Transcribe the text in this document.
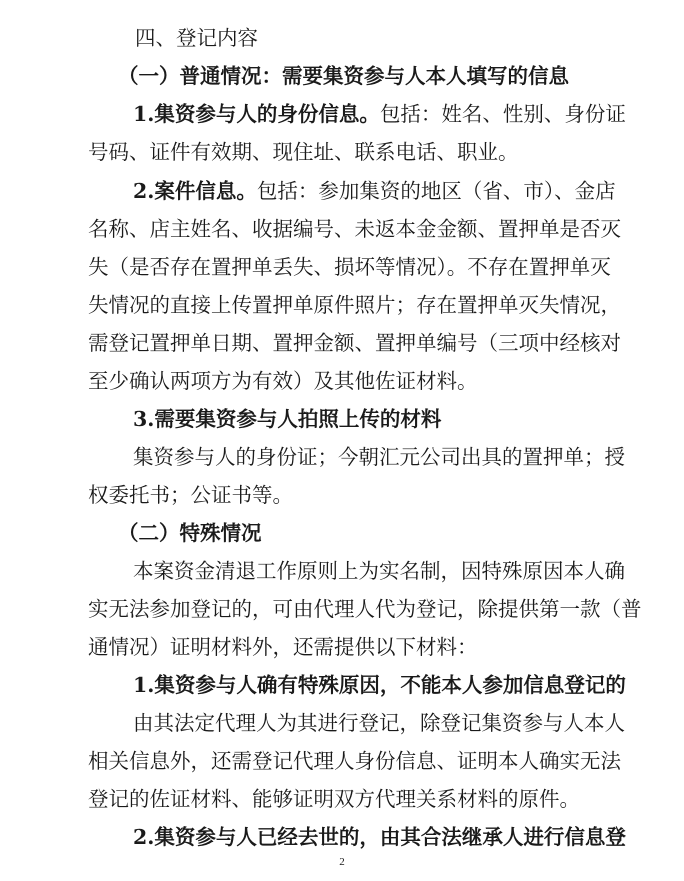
四、登记内容
（一）普通情况：需要集资参与人本人填写的信息
1.集资参与人的身份信息。包括：姓名、性别、身份证
号码、证件有效期、现住址、联系电话、职业。
2.案件信息。包括：参加集资的地区（省、市）、金店
名称、店主姓名、收据编号、未返本金金额、置押单是否灭
失（是否存在置押单丢失、损坏等情况）。不存在置押单灭
失情况的直接上传置押单原件照片；存在置押单灭失情况，
需登记置押单日期、置押金额、置押单编号（三项中经核对
至少确认两项方为有效）及其他佐证材料。
3.需要集资参与人拍照上传的材料
集资参与人的身份证；今朝汇元公司出具的置押单；授
权委托书；公证书等。
（二）特殊情况
本案资金清退工作原则上为实名制，因特殊原因本人确
实无法参加登记的，可由代理人代为登记，除提供第一款（普
通情况）证明材料外，还需提供以下材料：
1.集资参与人确有特殊原因，不能本人参加信息登记的
由其法定代理人为其进行登记，除登记集资参与人本人
相关信息外，还需登记代理人身份信息、证明本人确实无法
登记的佐证材料、能够证明双方代理关系材料的原件。
2.集资参与人已经去世的，由其合法继承人进行信息登
2
